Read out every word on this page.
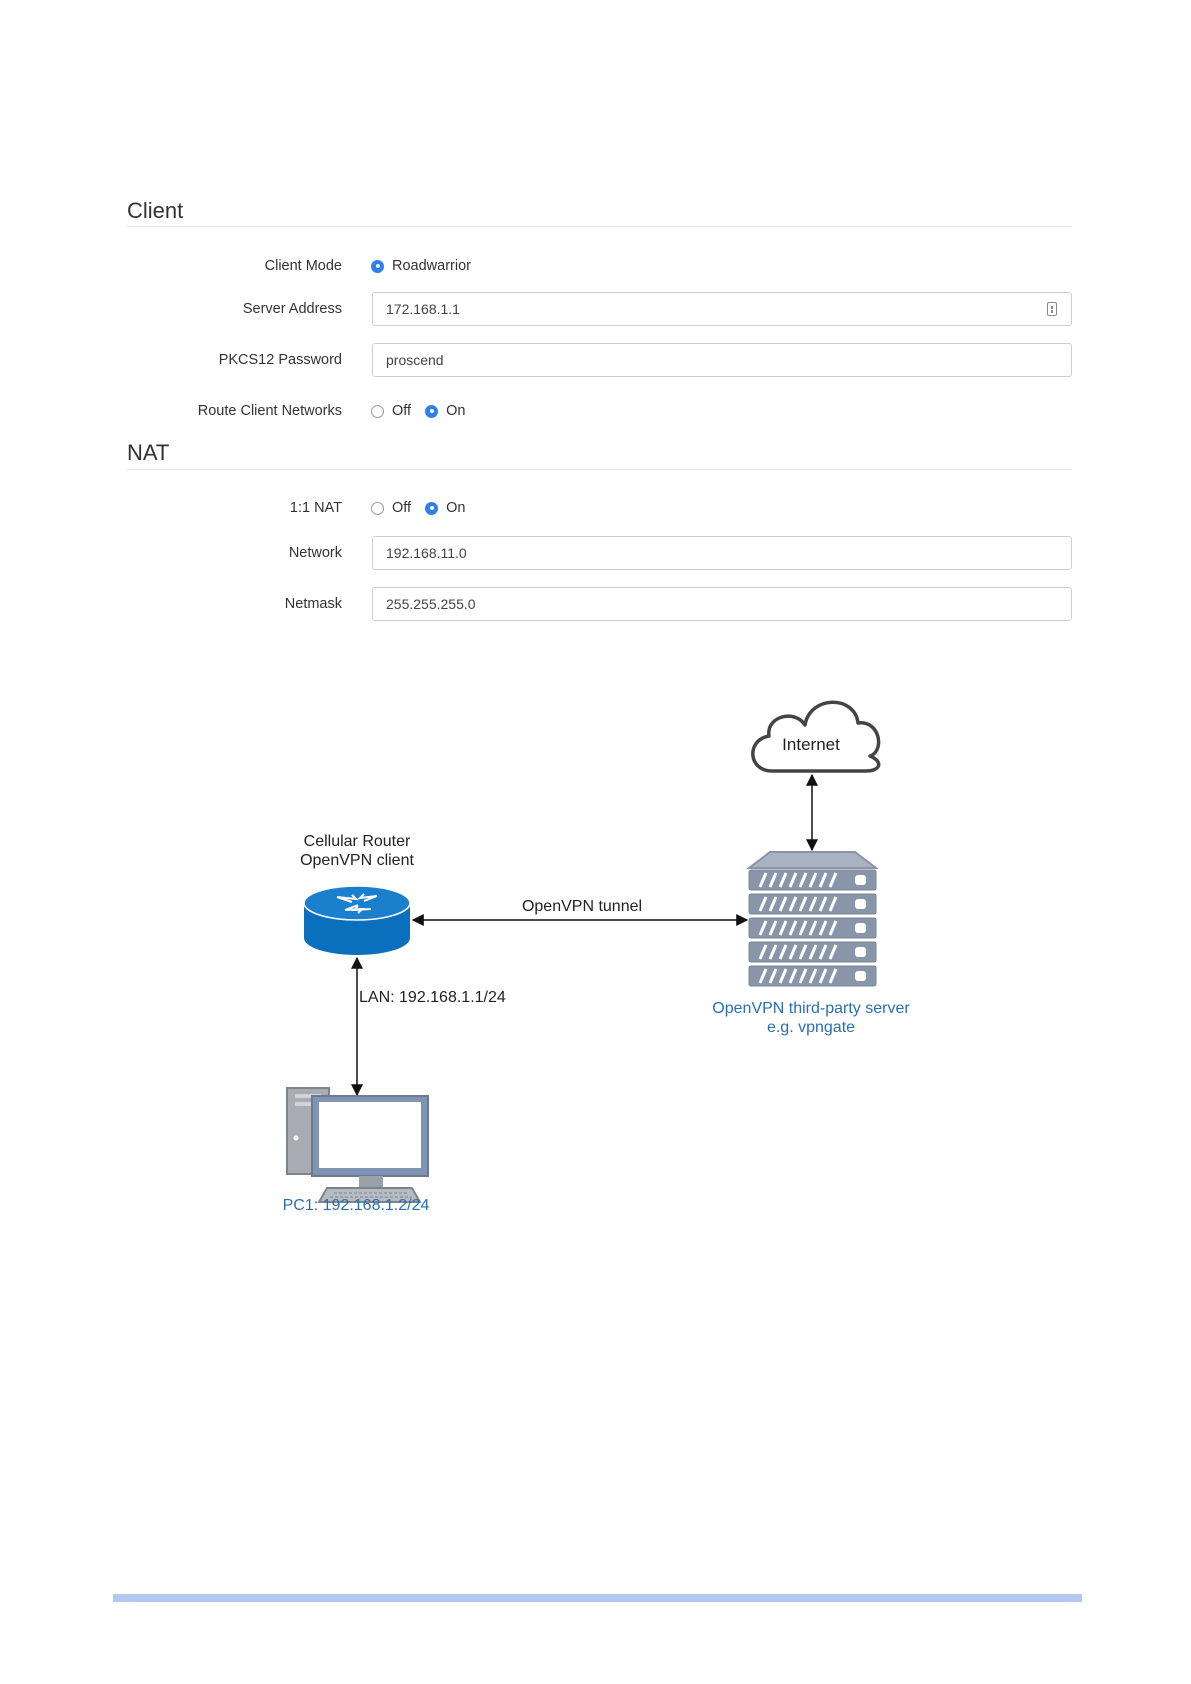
Client
Client Mode	Roadwarrior
Server Address	172.168.1.1
PKCS12 Password	proscend
Route Client Networks	Off On
NAT
1:1 NAT	Off On
Network	192.168.11.0
Netmask	255.255.255.0
Internet
Cellular Router
OpenVPN client
OpenVPN tunnel
OpenVPN third-party server
e.g. vpngate
LAN: 192.168.1.1/24
PC1: 192.168.1.2/24
